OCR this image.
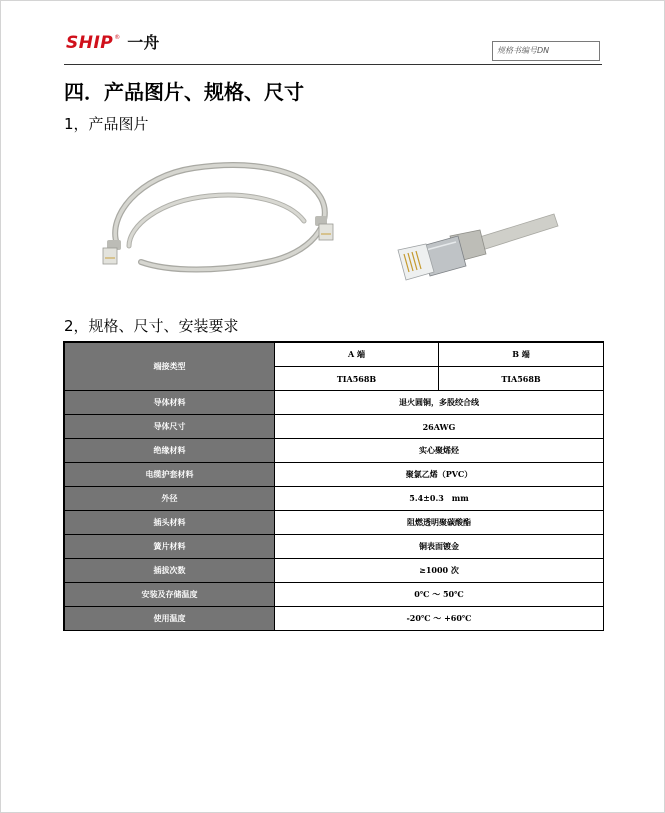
SHIP ® 一舟	规格书编号DN
四．产品图片、规格、尺寸
1，产品图片
2，规格、尺寸、安装要求
端接类型	A 端	B 端
	TIA568B	TIA568B
导体材料	退火圆铜，多股绞合线	
导体尺寸	26AWG	
绝缘材料	实心聚烯烃	
电缆护套材料	聚氯乙烯（PVC）	
外径	5.4±0.3　mm	
插头材料	阻燃透明聚碳酸酯	
簧片材料	铜表面镀金	
插拔次数	≥1000 次	
安装及存储温度	0℃ ～ 50℃	
使用温度	-20℃ ～ +60℃	
